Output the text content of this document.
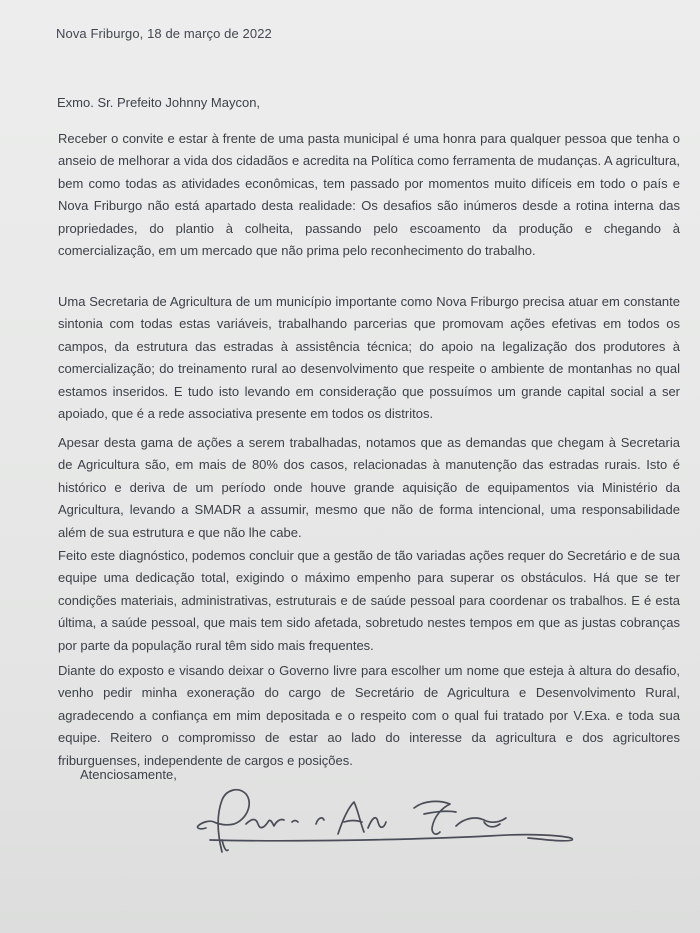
Nova Friburgo, 18 de março de 2022
Exmo. Sr. Prefeito Johnny Maycon,

Receber o convite e estar à frente de uma pasta municipal é uma honra para qualquer pessoa que tenha o anseio de melhorar a vida dos cidadãos e acredita na Política como ferramenta de mudanças. A agricultura, bem como todas as atividades econômicas, tem passado por momentos muito difíceis em todo o país e Nova Friburgo não está apartado desta realidade: Os desafios são inúmeros desde a rotina interna das propriedades, do plantio à colheita, passando pelo escoamento da produção e chegando à comercialização, em um mercado que não prima pelo reconhecimento do trabalho.

Uma Secretaria de Agricultura de um município importante como Nova Friburgo precisa atuar em constante sintonia com todas estas variáveis, trabalhando parcerias que promovam ações efetivas em todos os campos, da estrutura das estradas à assistência técnica; do apoio na legalização dos produtores à comercialização; do treinamento rural ao desenvolvimento que respeite o ambiente de montanhas no qual estamos inseridos. E tudo isto levando em consideração que possuímos um grande capital social a ser apoiado, que é a rede associativa presente em todos os distritos.

Apesar desta gama de ações a serem trabalhadas, notamos que as demandas que chegam à Secretaria de Agricultura são, em mais de 80% dos casos, relacionadas à manutenção das estradas rurais. Isto é histórico e deriva de um período onde houve grande aquisição de equipamentos via Ministério da Agricultura, levando a SMADR a assumir, mesmo que não de forma intencional, uma responsabilidade além de sua estrutura e que não lhe cabe.

Feito este diagnóstico, podemos concluir que a gestão de tão variadas ações requer do Secretário e de sua equipe uma dedicação total, exigindo o máximo empenho para superar os obstáculos. Há que se ter condições materiais, administrativas, estruturais e de saúde pessoal para coordenar os trabalhos. E é esta última, a saúde pessoal, que mais tem sido afetada, sobretudo nestes tempos em que as justas cobranças por parte da população rural têm sido mais frequentes.

Diante do exposto e visando deixar o Governo livre para escolher um nome que esteja à altura do desafio, venho pedir minha exoneração do cargo de Secretário de Agricultura e Desenvolvimento Rural, agradecendo a confiança em mim depositada e o respeito com o qual fui tratado por V.Exa. e toda sua equipe. Reitero o compromisso de estar ao lado do interesse da agricultura e dos agricultores friburguenses, independente de cargos e posições.

Atenciosamente,
